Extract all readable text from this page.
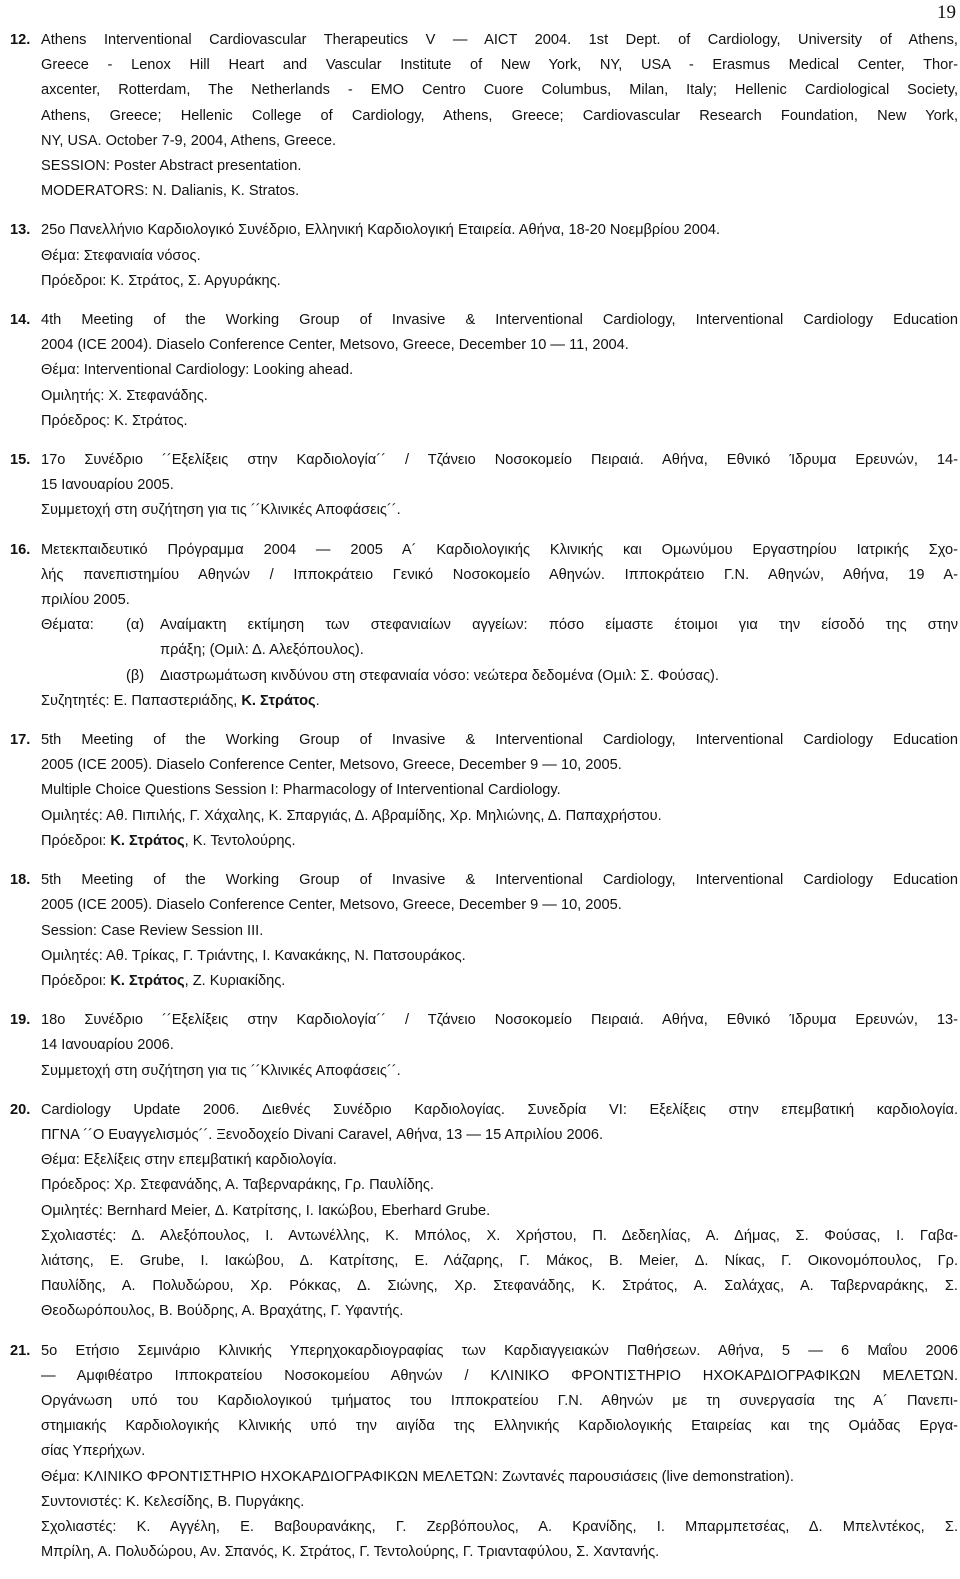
19
12. Athens Interventional Cardiovascular Therapeutics V — AICT 2004. 1st Dept. of Cardiology, University of Athens,
Greece - Lenox Hill Heart and Vascular Institute of New York, NY, USA - Erasmus Medical Center, Thor-
axcenter, Rotterdam, The Netherlands - EMO Centro Cuore Columbus, Milan, Italy; Hellenic Cardiological Society,
Athens, Greece; Hellenic College of Cardiology, Athens, Greece; Cardiovascular Research Foundation, New York,
NY, USA. October 7-9, 2004, Athens, Greece.
SESSION: Poster Abstract presentation.
MODERATORS: N. Dalianis, K. Stratos.
13. 25ο Πανελλήνιο Καρδιολογικό Συνέδριο, Ελληνική Καρδιολογική Εταιρεία. Αθήνα, 18-20 Νοεμβρίου 2004.
Θέμα: Στεφανιαία νόσος.
Πρόεδροι: Κ. Στράτος, Σ. Αργυράκης.
14. 4th Meeting of the Working Group of Invasive & Interventional Cardiology, Interventional Cardiology Education
2004 (ICE 2004). Diaselo Conference Center, Metsovo, Greece, December 10 — 11, 2004.
Θέμα: Interventional Cardiology: Looking ahead.
Ομιλητής: Χ. Στεφανάδης.
Πρόεδρος: Κ. Στράτος.
15. 17ο Συνέδριο ´´Εξελίξεις στην Καρδιολογία´´ / Τζάνειο Νοσοκομείο Πειραιά. Αθήνα, Εθνικό Ίδρυμα Ερευνών, 14-
15 Ιανουαρίου 2005.
Συμμετοχή στη συζήτηση για τις ´´Κλινικές Αποφάσεις´´.
16. Μετεκπαιδευτικό Πρόγραμμα 2004 — 2005 Α´ Καρδιολογικής Κλινικής και Ομωνύμου Εργαστηρίου Ιατρικής Σχο-
λής πανεπιστημίου Αθηνών / Ιπποκράτειο Γενικό Νοσοκομείο Αθηνών. Ιπποκράτειο Γ.Ν. Αθηνών, Αθήνα, 19 Α-
πριλίου 2005.
Θέματα:	(α)	Αναίμακτη εκτίμηση των στεφανιαίων αγγείων: πόσο είμαστε έτοιμοι για την είσοδό της στην
πράξη; (Ομιλ: Δ. Αλεξόπουλος).
(β)	Διαστρωμάτωση κινδύνου στη στεφανιαία νόσο: νεώτερα δεδομένα (Ομιλ: Σ. Φούσας).
Συζητητές: Ε. Παπαστεριάδης, Κ. Στράτος.
17. 5th Meeting of the Working Group of Invasive & Interventional Cardiology, Interventional Cardiology Education
2005 (ICE 2005). Diaselo Conference Center, Metsovo, Greece, December 9 — 10, 2005.
Multiple Choice Questions Session I: Pharmacology of Interventional Cardiology.
Ομιλητές: Αθ. Πιπιλής, Γ. Χάχαλης, Κ. Σπαργιάς, Δ. Αβραμίδης, Χρ. Μηλιώνης, Δ. Παπαχρήστου.
Πρόεδροι: Κ. Στράτος, Κ. Τεντολούρης.
18. 5th Meeting of the Working Group of Invasive & Interventional Cardiology, Interventional Cardiology Education
2005 (ICE 2005). Diaselo Conference Center, Metsovo, Greece, December 9 — 10, 2005.
Session: Case Review Session III.
Ομιλητές: Αθ. Τρίκας, Γ. Τριάντης, Ι. Κανακάκης, Ν. Πατσουράκος.
Πρόεδροι: Κ. Στράτος, Ζ. Κυριακίδης.
19. 18ο Συνέδριο ´´Εξελίξεις στην Καρδιολογία´´ / Τζάνειο Νοσοκομείο Πειραιά. Αθήνα, Εθνικό Ίδρυμα Ερευνών, 13-
14 Ιανουαρίου 2006.
Συμμετοχή στη συζήτηση για τις ´´Κλινικές Αποφάσεις´´.
20. Cardiology Update 2006. Διεθνές Συνέδριο Καρδιολογίας. Συνεδρία VI: Εξελίξεις στην επεμβατική καρδιολογία.
ΠΓΝΑ ´´Ο Ευαγγελισμός´´. Ξενοδοχείο Divani Caravel, Αθήνα, 13 — 15 Απριλίου 2006.
Θέμα: Εξελίξεις στην επεμβατική καρδιολογία.
Πρόεδρος: Χρ. Στεφανάδης, Α. Ταβερναράκης, Γρ. Παυλίδης.
Ομιλητές: Bernhard Meier, Δ. Κατρίτσης, Ι. Ιακώβου, Eberhard Grube.
Σχολιαστές: Δ. Αλεξόπουλος, Ι. Αντωνέλλης, Κ. Μπόλος, Χ. Χρήστου, Π. Δεδεηλίας, Α. Δήμας, Σ. Φούσας, Ι. Γαβα-
λιάτσης, Ε. Grube, Ι. Ιακώβου, Δ. Κατρίτσης, Ε. Λάζαρης, Γ. Μάκος, B. Meier, Δ. Νίκας, Γ. Οικονομόπουλος, Γρ.
Παυλίδης, Α. Πολυδώρου, Χρ. Ρόκκας, Δ. Σιώνης, Χρ. Στεφανάδης, Κ. Στράτος, Α. Σαλάχας, Α. Ταβερναράκης, Σ.
Θεοδωρόπουλος, Β. Βούδρης, Α. Βραχάτης, Γ. Υφαντής.
21. 5ο Ετήσιο Σεμινάριο Κλινικής Υπερηχοκαρδιογραφίας των Καρδιαγγειακών Παθήσεων. Αθήνα, 5 — 6 Μαΐου 2006
— Αμφιθέατρο Ιπποκρατείου Νοσοκομείου Αθηνών / ΚΛΙΝΙΚΟ ΦΡΟΝΤΙΣΤΗΡΙΟ ΗΧΟΚΑΡΔΙΟΓΡΑΦΙΚΩΝ ΜΕΛΕΤΩΝ.
Οργάνωση υπό του Καρδιολογικού τμήματος του Ιπποκρατείου Γ.Ν. Αθηνών με τη συνεργασία της Α´ Πανεπι-
στημιακής Καρδιολογικής Κλινικής υπό την αιγίδα της Ελληνικής Καρδιολογικής Εταιρείας και της Ομάδας Εργα-
σίας Υπερήχων.
Θέμα: ΚΛΙΝΙΚΟ ΦΡΟΝΤΙΣΤΗΡΙΟ ΗΧΟΚΑΡΔΙΟΓΡΑΦΙΚΩΝ ΜΕΛΕΤΩΝ: Ζωντανές παρουσιάσεις (live demonstration).
Συντονιστές: Κ. Κελεσίδης, Β. Πυργάκης.
Σχολιαστές: Κ. Αγγέλη, Ε. Βαβουρανάκης, Γ. Ζερβόπουλος, Α. Κρανίδης, Ι. Μπαρμπετσέας, Δ. Μπελντέκος, Σ.
Μπρίλη, Α. Πολυδώρου, Αν. Σπανός, Κ. Στράτος, Γ. Τεντολούρης, Γ. Τριανταφύλου, Σ. Χαντανής.
